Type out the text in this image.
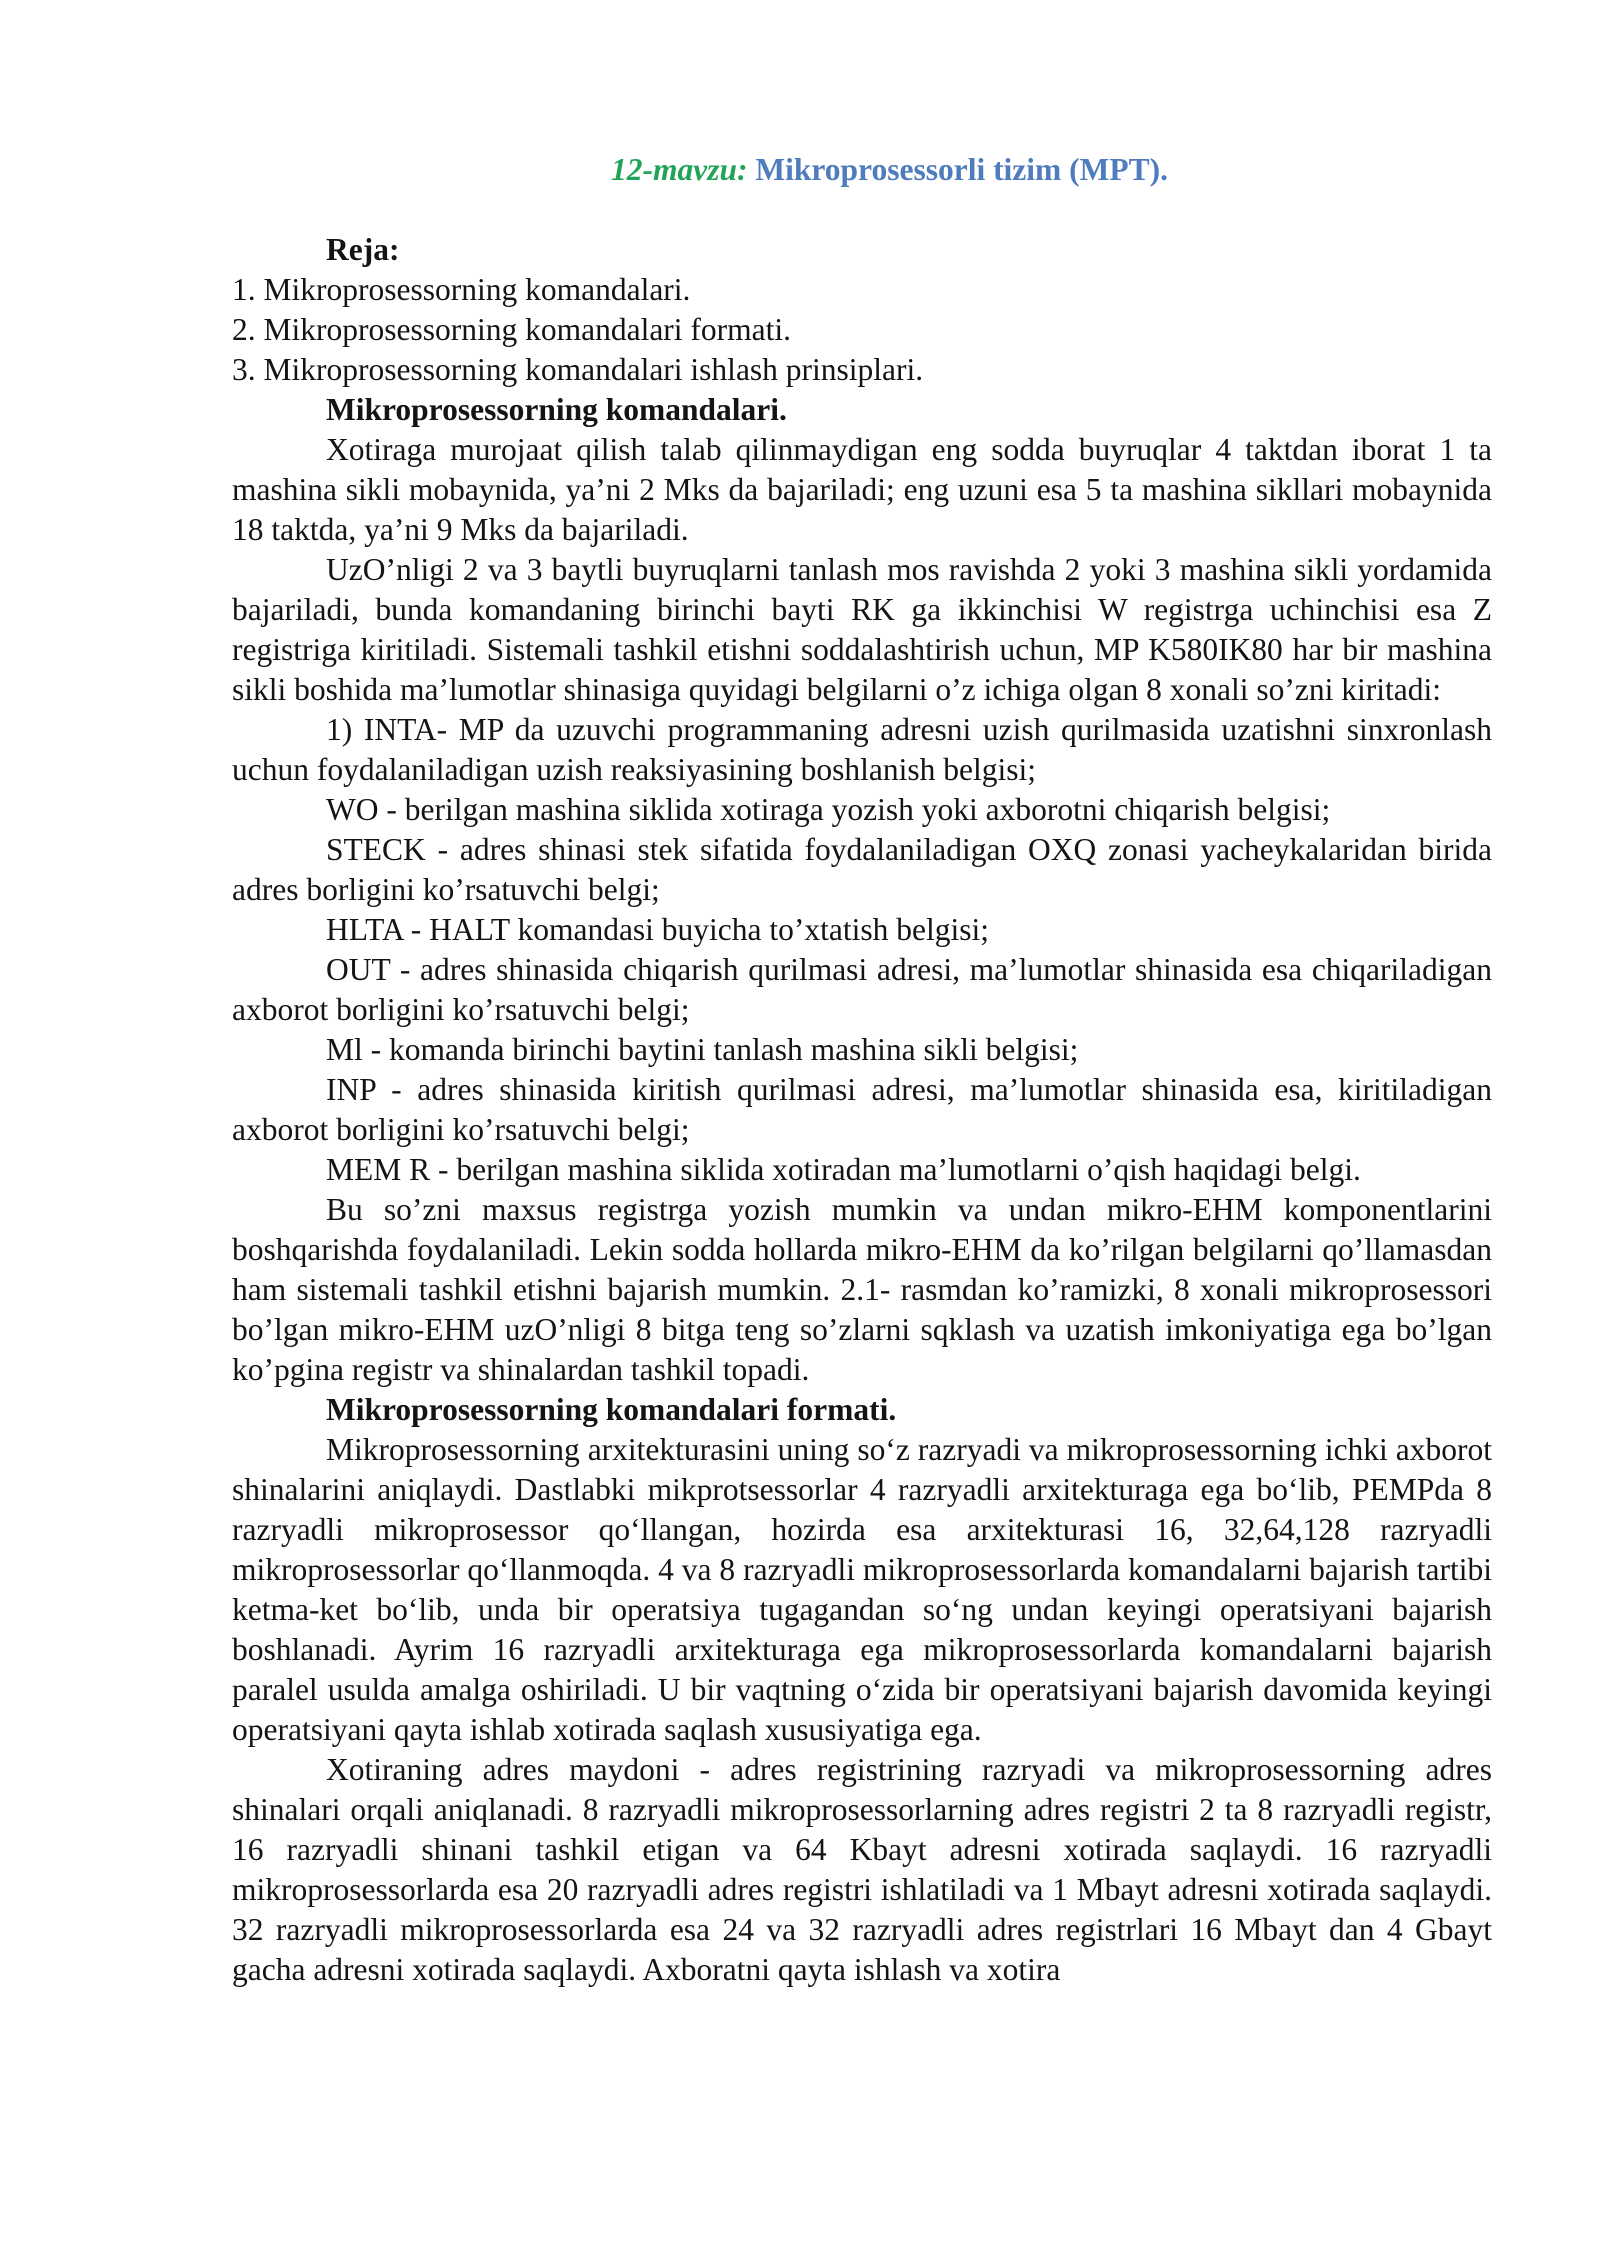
12-mavzu: Mikroprosessorli tizim (MPT).

Reja:

1. Mikroprosessorning komandalari.
2. Mikroprosessorning komandalari formati.
3. Mikroprosessorning komandalari ishlash prinsiplari.

Mikroprosessorning komandalari.

Xotiraga murojaat qilish talab qilinmaydigan eng sodda buyruqlar 4 taktdan iborat 1 ta mashina sikli mobaynida, ya’ni 2 Mks da bajariladi; eng uzuni esa 5 ta mashina sikllari mobaynida 18 taktda, ya’ni 9 Mks da bajariladi.

UzO’nligi 2 va 3 baytli buyruqlarni tanlash mos ravishda 2 yoki 3 mashina sikli yordamida bajariladi, bunda komandaning birinchi bayti RK ga ikkinchisi W registrga uchinchisi esa Z registriga kiritiladi. Sistemali tashkil etishni soddalashtirish uchun, MP K580IK80 har bir mashina sikli boshida ma’lumotlar shinasiga quyidagi belgilarni o’z ichiga olgan 8 xonali so’zni kiritadi:

1) INTA- MP da uzuvchi programmaning adresni uzish qurilmasida uzatishni sinxronlash uchun foydalaniladigan uzish reaksiyasining boshlanish belgisi;

WO - berilgan mashina siklida xotiraga yozish yoki axborotni chiqarish belgisi;

STECK - adres shinasi stek sifatida foydalaniladigan OXQ zonasi yacheykalaridan birida adres borligini ko’rsatuvchi belgi;

HLTA - HALT komandasi buyicha to’xtatish belgisi;

OUT - adres shinasida chiqarish qurilmasi adresi, ma’lumotlar shinasida esa chiqariladigan axborot borligini ko’rsatuvchi belgi;

Ml - komanda birinchi baytini tanlash mashina sikli belgisi;

INP - adres shinasida kiritish qurilmasi adresi, ma’lumotlar shinasida esa, kiritiladigan axborot borligini ko’rsatuvchi belgi;

MEM R - berilgan mashina siklida xotiradan ma’lumotlarni o’qish haqidagi belgi.

Bu so’zni maxsus registrga yozish mumkin va undan mikro-EHM komponentlarini boshqarishda foydalaniladi. Lekin sodda hollarda mikro-EHM da ko’rilgan belgilarni qo’llamasdan ham sistemali tashkil etishni bajarish mumkin. 2.1- rasmdan ko’ramizki, 8 xonali mikroprosessori bo’lgan mikro-EHM uzO’nligi 8 bitga teng so’zlarni sqklash va uzatish imkoniyatiga ega bo’lgan ko’pgina registr va shinalardan tashkil topadi.

Mikroprosessorning komandalari formati.

Mikroprosessorning arxitekturasini uning so‘z razryadi va mikroprosessorning ichki axborot shinalarini aniqlaydi. Dastlabki mikprotsessorlar 4 razryadli arxitekturaga ega bo‘lib, PEMPda 8 razryadli mikroprosessor qo‘llangan, hozirda esa arxitekturasi 16, 32,64,128 razryadli mikroprosessorlar qo‘llanmoqda. 4 va 8 razryadli mikroprosessorlarda komandalarni bajarish tartibi ketma-ket bo‘lib, unda bir operatsiya tugagandan so‘ng undan keyingi operatsiyani bajarish boshlanadi. Ayrim 16 razryadli arxitekturaga ega mikroprosessorlarda komandalarni bajarish paralel usulda amalga oshiriladi. U bir vaqtning o‘zida bir operatsiyani bajarish davomida keyingi operatsiyani qayta ishlab xotirada saqlash xususiyatiga ega.

Xotiraning adres maydoni - adres registrining razryadi va mikroprosessorning adres shinalari orqali aniqlanadi. 8 razryadli mikroprosessorlarning adres registri 2 ta 8 razryadli registr, 16 razryadli shinani tashkil etigan va 64 Kbayt adresni xotirada saqlaydi. 16 razryadli mikroprosessorlarda esa 20 razryadli adres registri ishlatiladi va 1 Mbayt adresni xotirada saqlaydi. 32 razryadli mikroprosessorlarda esa 24 va 32 razryadli adres registrlari 16 Mbayt dan 4 Gbayt gacha adresni xotirada saqlaydi. Axboratni qayta ishlash va xotira
